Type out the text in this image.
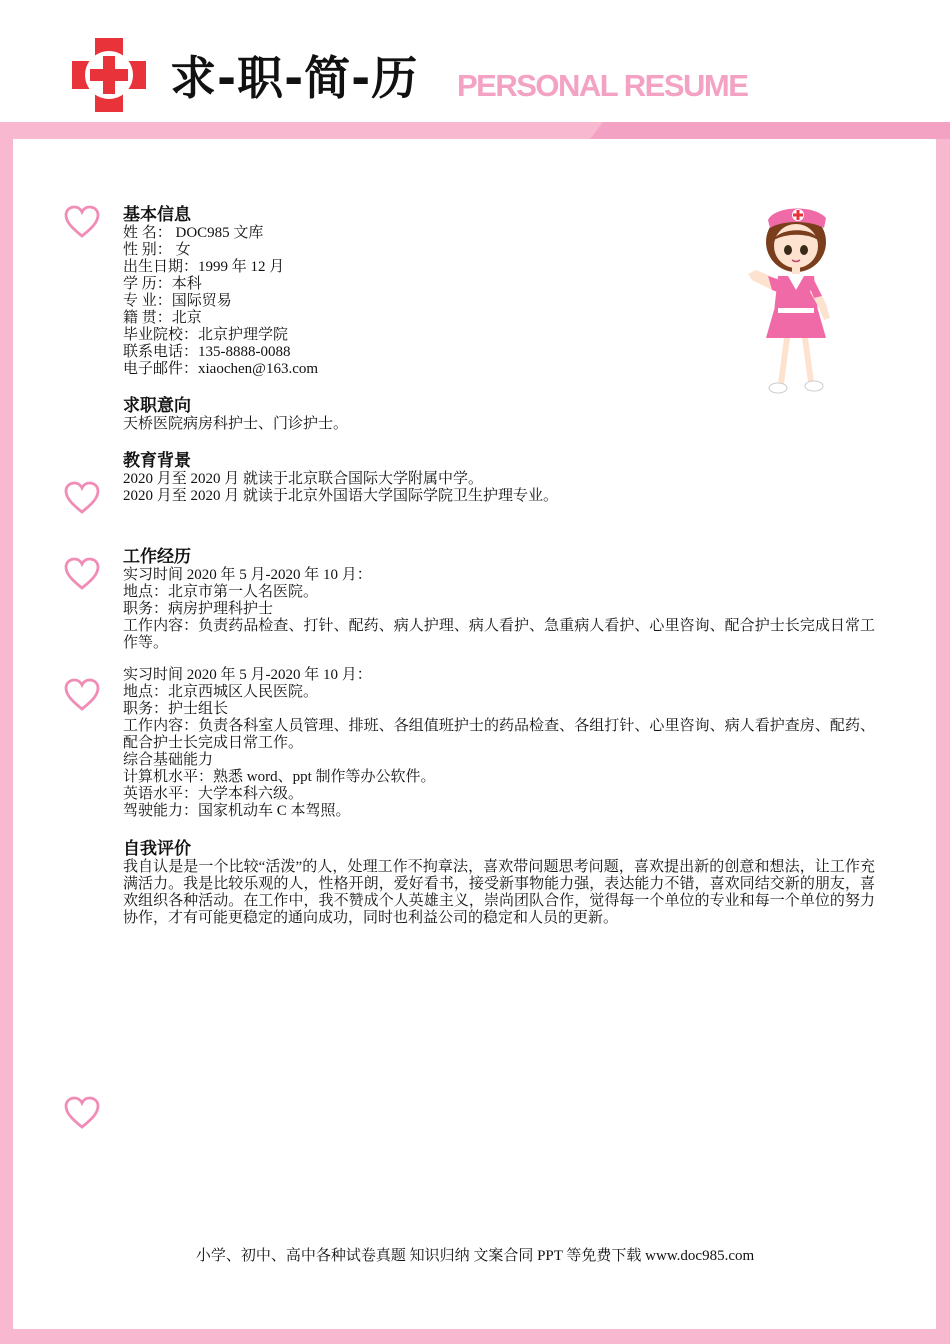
求-职-简-历 PERSONAL RESUME
基本信息

姓 名： DOC985 文库

性 别： 女

出生日期：1999 年 12 月

学 历：本科

专 业：国际贸易

籍 贯：北京

毕业院校：北京护理学院

联系电话：135-8888-0088

电子邮件：xiaochen@163.com

求职意向

天桥医院病房科护士、门诊护士。

教育背景

2020 月至 2020 月 就读于北京联合国际大学附属中学。

2020 月至 2020 月 就读于北京外国语大学国际学院卫生护理专业。

工作经历

实习时间 2020 年 5 月-2020 年 10 月：

地点：北京市第一人名医院。

职务：病房护理科护士

工作内容：负责药品检查、打针、配药、病人护理、病人看护、急重病人看护、心里咨询、配合护士长完成日常工作等。

实习时间 2020 年 5 月-2020 年 10 月：

地点：北京西城区人民医院。

职务：护士组长

工作内容：负责各科室人员管理、排班、各组值班护士的药品检查、各组打针、心里咨询、病人看护查房、配药、配合护士长完成日常工作。

综合基础能力

计算机水平：熟悉 word、ppt 制作等办公软件。

英语水平：大学本科六级。

驾驶能力：国家机动车 C 本驾照。

自我评价

我自认是是一个比较“活泼”的人，处理工作不拘章法，喜欢带问题思考问题，喜欢提出新的创意和想法，让工作充满活力。我是比较乐观的人，性格开朗，爱好看书，接受新事物能力强，表达能力不错，喜欢同结交新的朋友，喜欢组织各种活动。在工作中，我不赞成个人英雄主义，崇尚团队合作，觉得每一个单位的专业和每一个单位的努力协作，才有可能更稳定的通向成功，同时也利益公司的稳定和人员的更新。

小学、初中、高中各种试卷真题 知识归纳 文案合同 PPT 等免费下载 www.doc985.com
